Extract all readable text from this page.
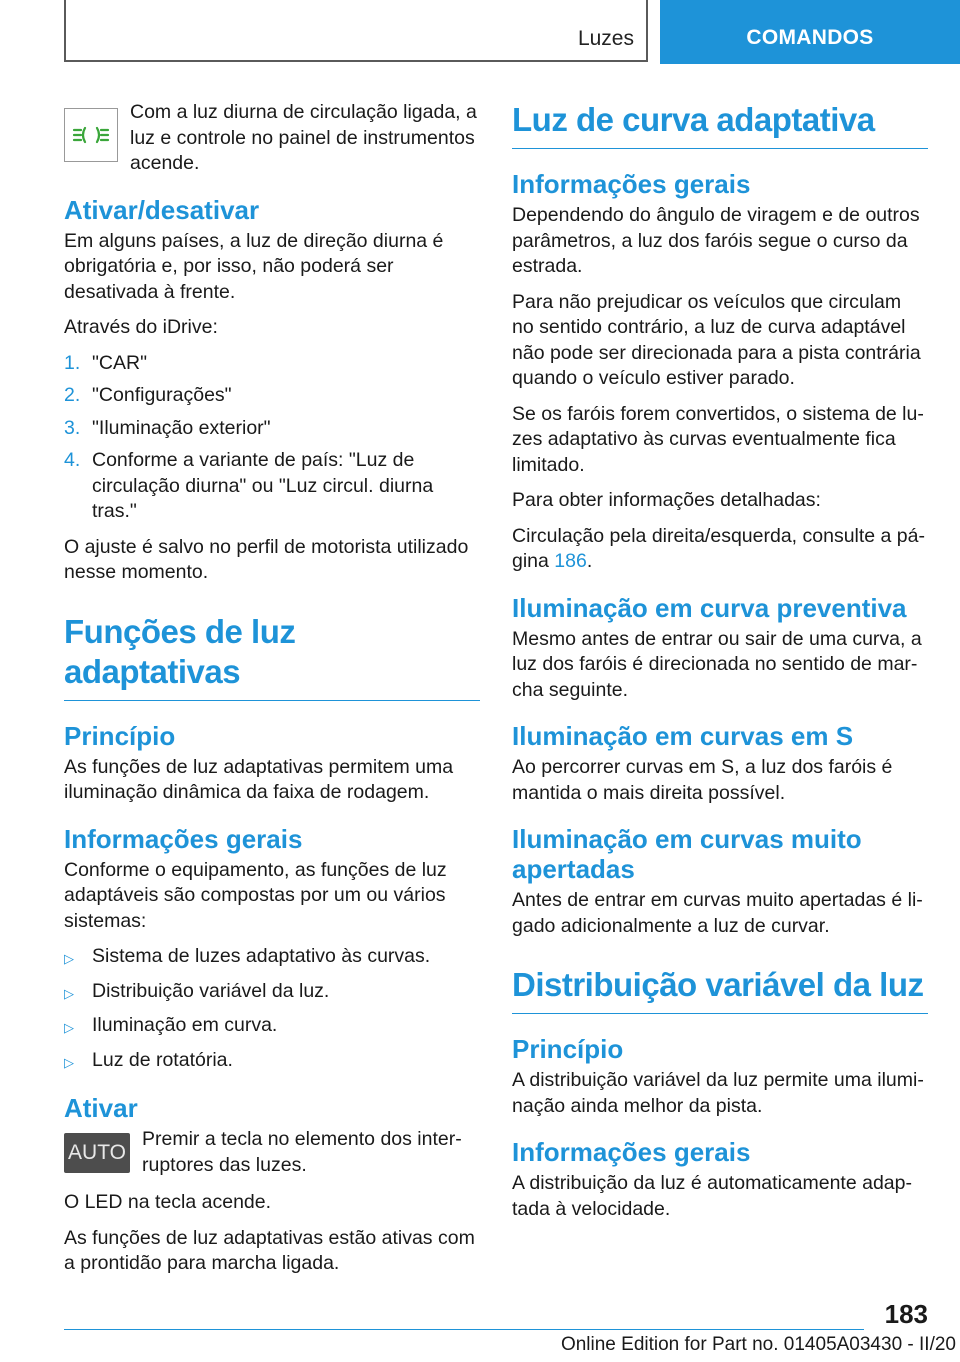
Luzes	COMANDOS
Com a luz diurna de circulação ligada, a luz e controle no painel de instrumentos acende.
Ativar/desativar

Em alguns países, a luz de direção diurna é obrigatória e, por isso, não poderá ser desativada à frente.

Através do iDrive:

1. "CAR"
2. "Configurações"
3. "Iluminação exterior"
4. Conforme a variante de país: "Luz de circulação diurna" ou "Luz circul. diurna tras."

O ajuste é salvo no perfil de motorista utilizado nesse momento.

Funções de luz adaptativas
Princípio

As funções de luz adaptativas permitem uma iluminação dinâmica da faixa de rodagem.

Informações gerais

Conforme o equipamento, as funções de luz adaptáveis são compostas por um ou vários sistemas:

▷ Sistema de luzes adaptativo às curvas.
▷ Distribuição variável da luz.
▷ Iluminação em curva.
▷ Luz de rotatória.
Ativar
AUTO
Premir a tecla no elemento dos interruptores das luzes.

O LED na tecla acende.

As funções de luz adaptativas estão ativas com a prontidão para marcha ligada.

Luz de curva adaptativa
Informações gerais

Dependendo do ângulo de viragem e de outros parâmetros, a luz dos faróis segue o curso da estrada.

Para não prejudicar os veículos que circulam no sentido contrário, a luz de curva adaptável não pode ser direcionada para a pista contrária quando o veículo estiver parado.

Se os faróis forem convertidos, o sistema de luzes adaptativo às curvas eventualmente fica limitado.

Para obter informações detalhadas:

Circulação pela direita/esquerda, consulte a página 186.

Iluminação em curva preventiva

Mesmo antes de entrar ou sair de uma curva, a luz dos faróis é direcionada no sentido de marcha seguinte.

Iluminação em curvas em S

Ao percorrer curvas em S, a luz dos faróis é mantida o mais direita possível.

Iluminação em curvas muito apertadas

Antes de entrar em curvas muito apertadas é ligado adicionalmente a luz de curvar.

Distribuição variável da luz
Princípio

A distribuição variável da luz permite uma iluminação ainda melhor da pista.

Informações gerais

A distribuição da luz é automaticamente adaptada à velocidade.

183
Online Edition for Part no. 01405A03430 - II/20
